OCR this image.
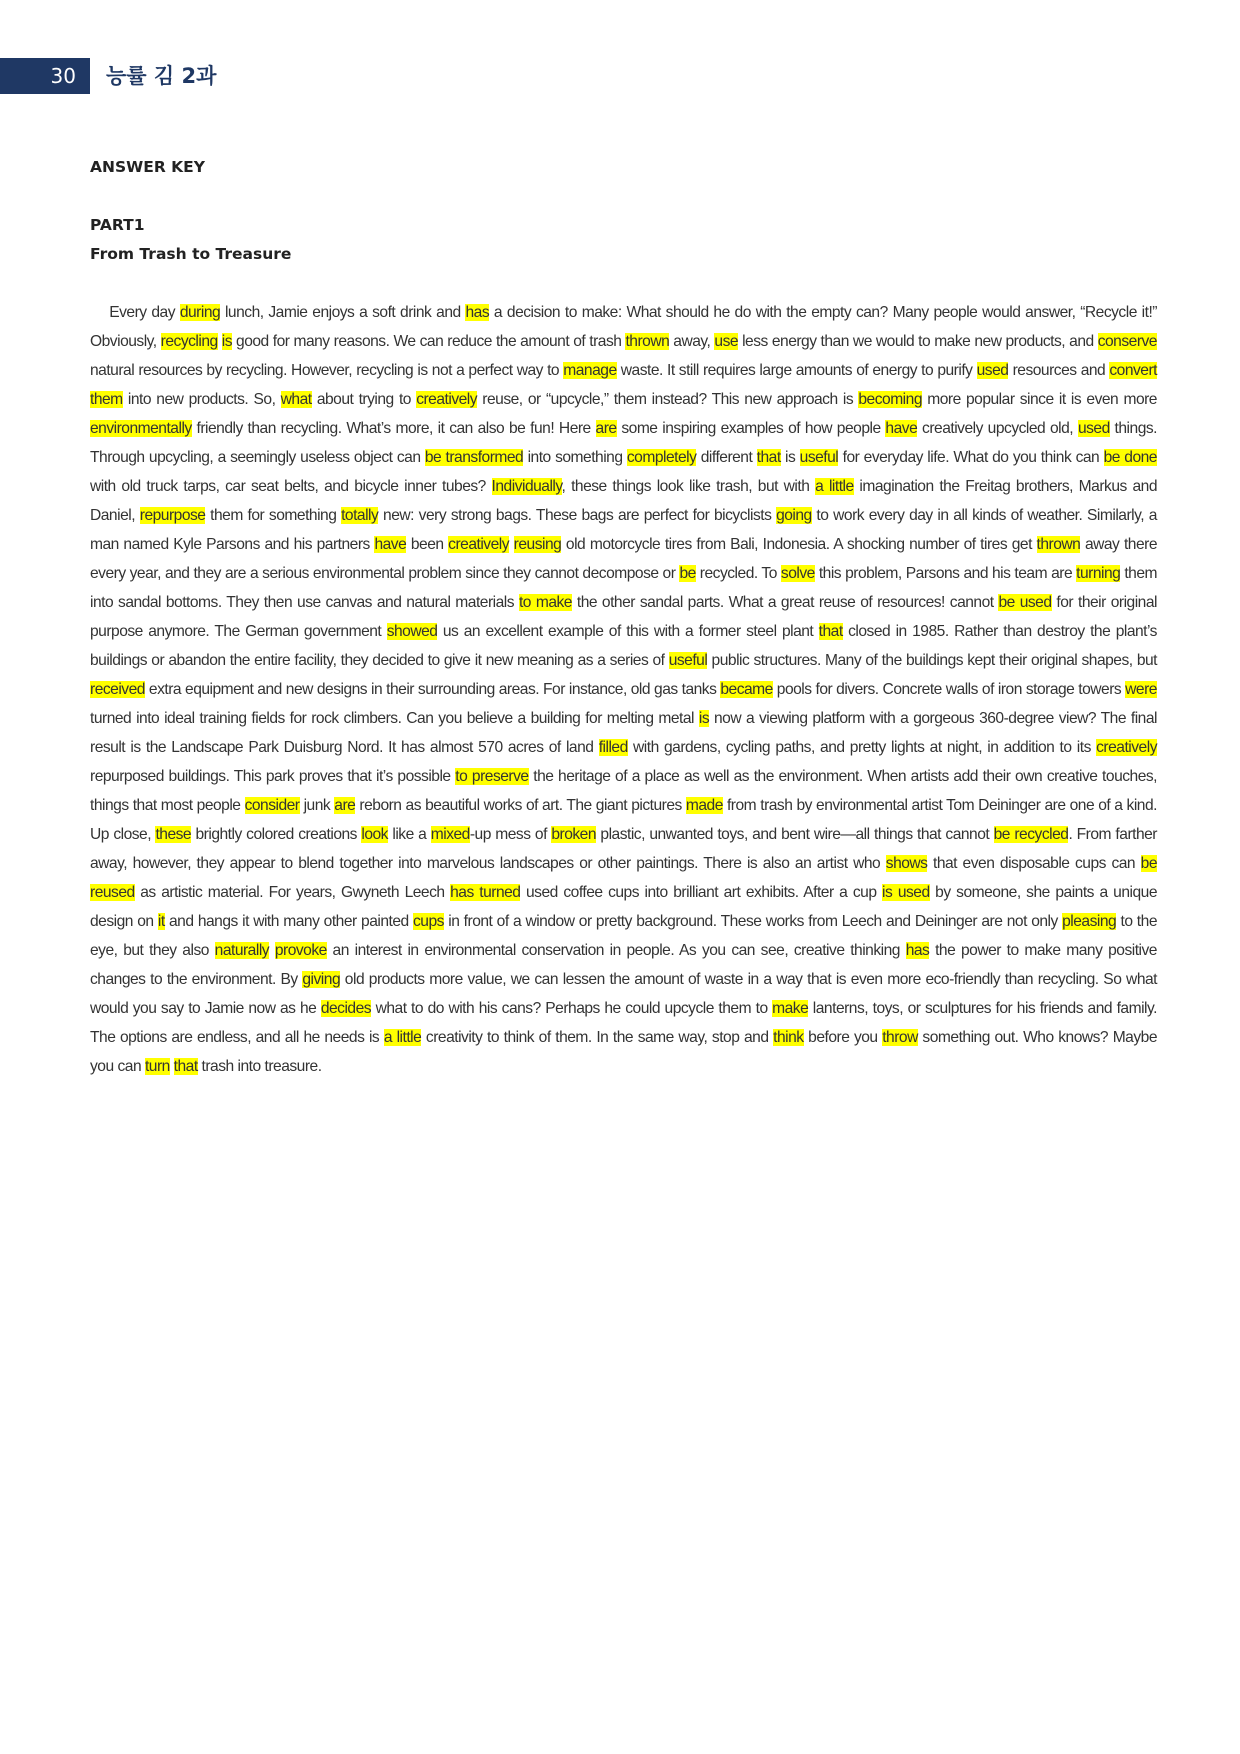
30	능률 김 2과
ANSWER KEY
PART1
From Trash to Treasure
Every day during lunch, Jamie enjoys a soft drink and has a decision to make: What should he do with the empty can? Many people would answer, “Recycle it!” Obviously, recycling is good for many reasons. We can reduce the amount of trash thrown away, use less energy than we would to make new products, and conserve natural resources by recycling. However, recycling is not a perfect way to manage waste. It still requires large amounts of energy to purify used resources and convert them into new products. So, what about trying to creatively reuse, or “upcycle,” them instead? This new approach is becoming more popular since it is even more environmentally friendly than recycling. What’s more, it can also be fun! Here are some inspiring examples of how people have creatively upcycled old, used things. Through upcycling, a seemingly useless object can be transformed into something completely different that is useful for everyday life. What do you think can be done with old truck tarps, car seat belts, and bicycle inner tubes? Individually, these things look like trash, but with a little imagination the Freitag brothers, Markus and Daniel, repurpose them for something totally new: very strong bags. These bags are perfect for bicyclists going to work every day in all kinds of weather. Similarly, a man named Kyle Parsons and his partners have been creatively reusing old motorcycle tires from Bali, Indonesia. A shocking number of tires get thrown away there every year, and they are a serious environmental problem since they cannot decompose or be recycled. To solve this problem, Parsons and his team are turning them into sandal bottoms. They then use canvas and natural materials to make the other sandal parts. What a great reuse of resources! cannot be used for their original purpose anymore. The German government showed us an excellent example of this with a former steel plant that closed in 1985. Rather than destroy the plant’s buildings or abandon the entire facility, they decided to give it new meaning as a series of useful public structures. Many of the buildings kept their original shapes, but received extra equipment and new designs in their surrounding areas. For instance, old gas tanks became pools for divers. Concrete walls of iron storage towers were turned into ideal training fields for rock climbers. Can you believe a building for melting metal is now a viewing platform with a gorgeous 360-degree view? The final result is the Landscape Park Duisburg Nord. It has almost 570 acres of land filled with gardens, cycling paths, and pretty lights at night, in addition to its creatively repurposed buildings. This park proves that it’s possible to preserve the heritage of a place as well as the environment. When artists add their own creative touches, things that most people consider junk are reborn as beautiful works of art. The giant pictures made from trash by environmental artist Tom Deininger are one of a kind. Up close, these brightly colored creations look like a mixed-up mess of broken plastic, unwanted toys, and bent wire—all things that cannot be recycled. From farther away, however, they appear to blend together into marvelous landscapes or other paintings. There is also an artist who shows that even disposable cups can be reused as artistic material. For years, Gwyneth Leech has turned used coffee cups into brilliant art exhibits. After a cup is used by someone, she paints a unique design on it and hangs it with many other painted cups in front of a window or pretty background. These works from Leech and Deininger are not only pleasing to the eye, but they also naturally provoke an interest in environmental conservation in people. As you can see, creative thinking has the power to make many positive changes to the environment. By giving old products more value, we can lessen the amount of waste in a way that is even more eco-friendly than recycling. So what would you say to Jamie now as he decides what to do with his cans? Perhaps he could upcycle them to make lanterns, toys, or sculptures for his friends and family. The options are endless, and all he needs is a little creativity to think of them. In the same way, stop and think before you throw something out. Who knows? Maybe you can turn that trash into treasure.
